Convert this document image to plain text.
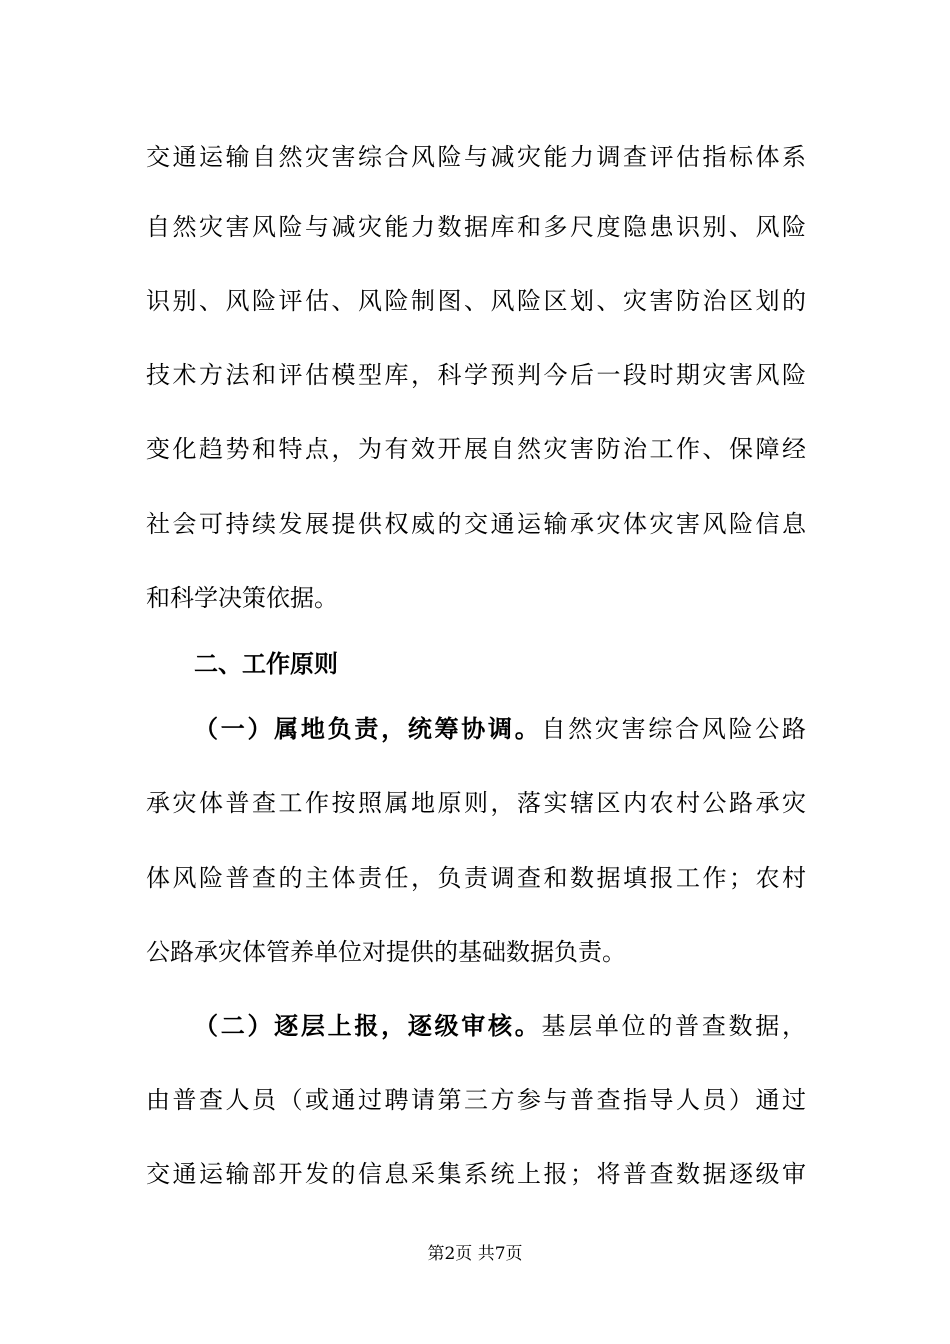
交通运输自然灾害综合风险与减灾能力调查评估指标体系
自然灾害风险与减灾能力数据库和多尺度隐患识别、风险
识别、风险评估、风险制图、风险区划、灾害防治区划的
技术方法和评估模型库，科学预判今后一段时期灾害风险
变化趋势和特点，为有效开展自然灾害防治工作、保障经
社会可持续发展提供权威的交通运输承灾体灾害风险信息
和科学决策依据。
二、工作原则
（一）属地负责，统筹协调。自然灾害综合风险公路
承灾体普查工作按照属地原则，落实辖区内农村公路承灾
体风险普查的主体责任，负责调查和数据填报工作；农村
公路承灾体管养单位对提供的基础数据负责。
（二）逐层上报，逐级审核。基层单位的普查数据，
由普查人员（或通过聘请第三方参与普查指导人员）通过
交通运输部开发的信息采集系统上报；将普查数据逐级审
第2页 共7页
